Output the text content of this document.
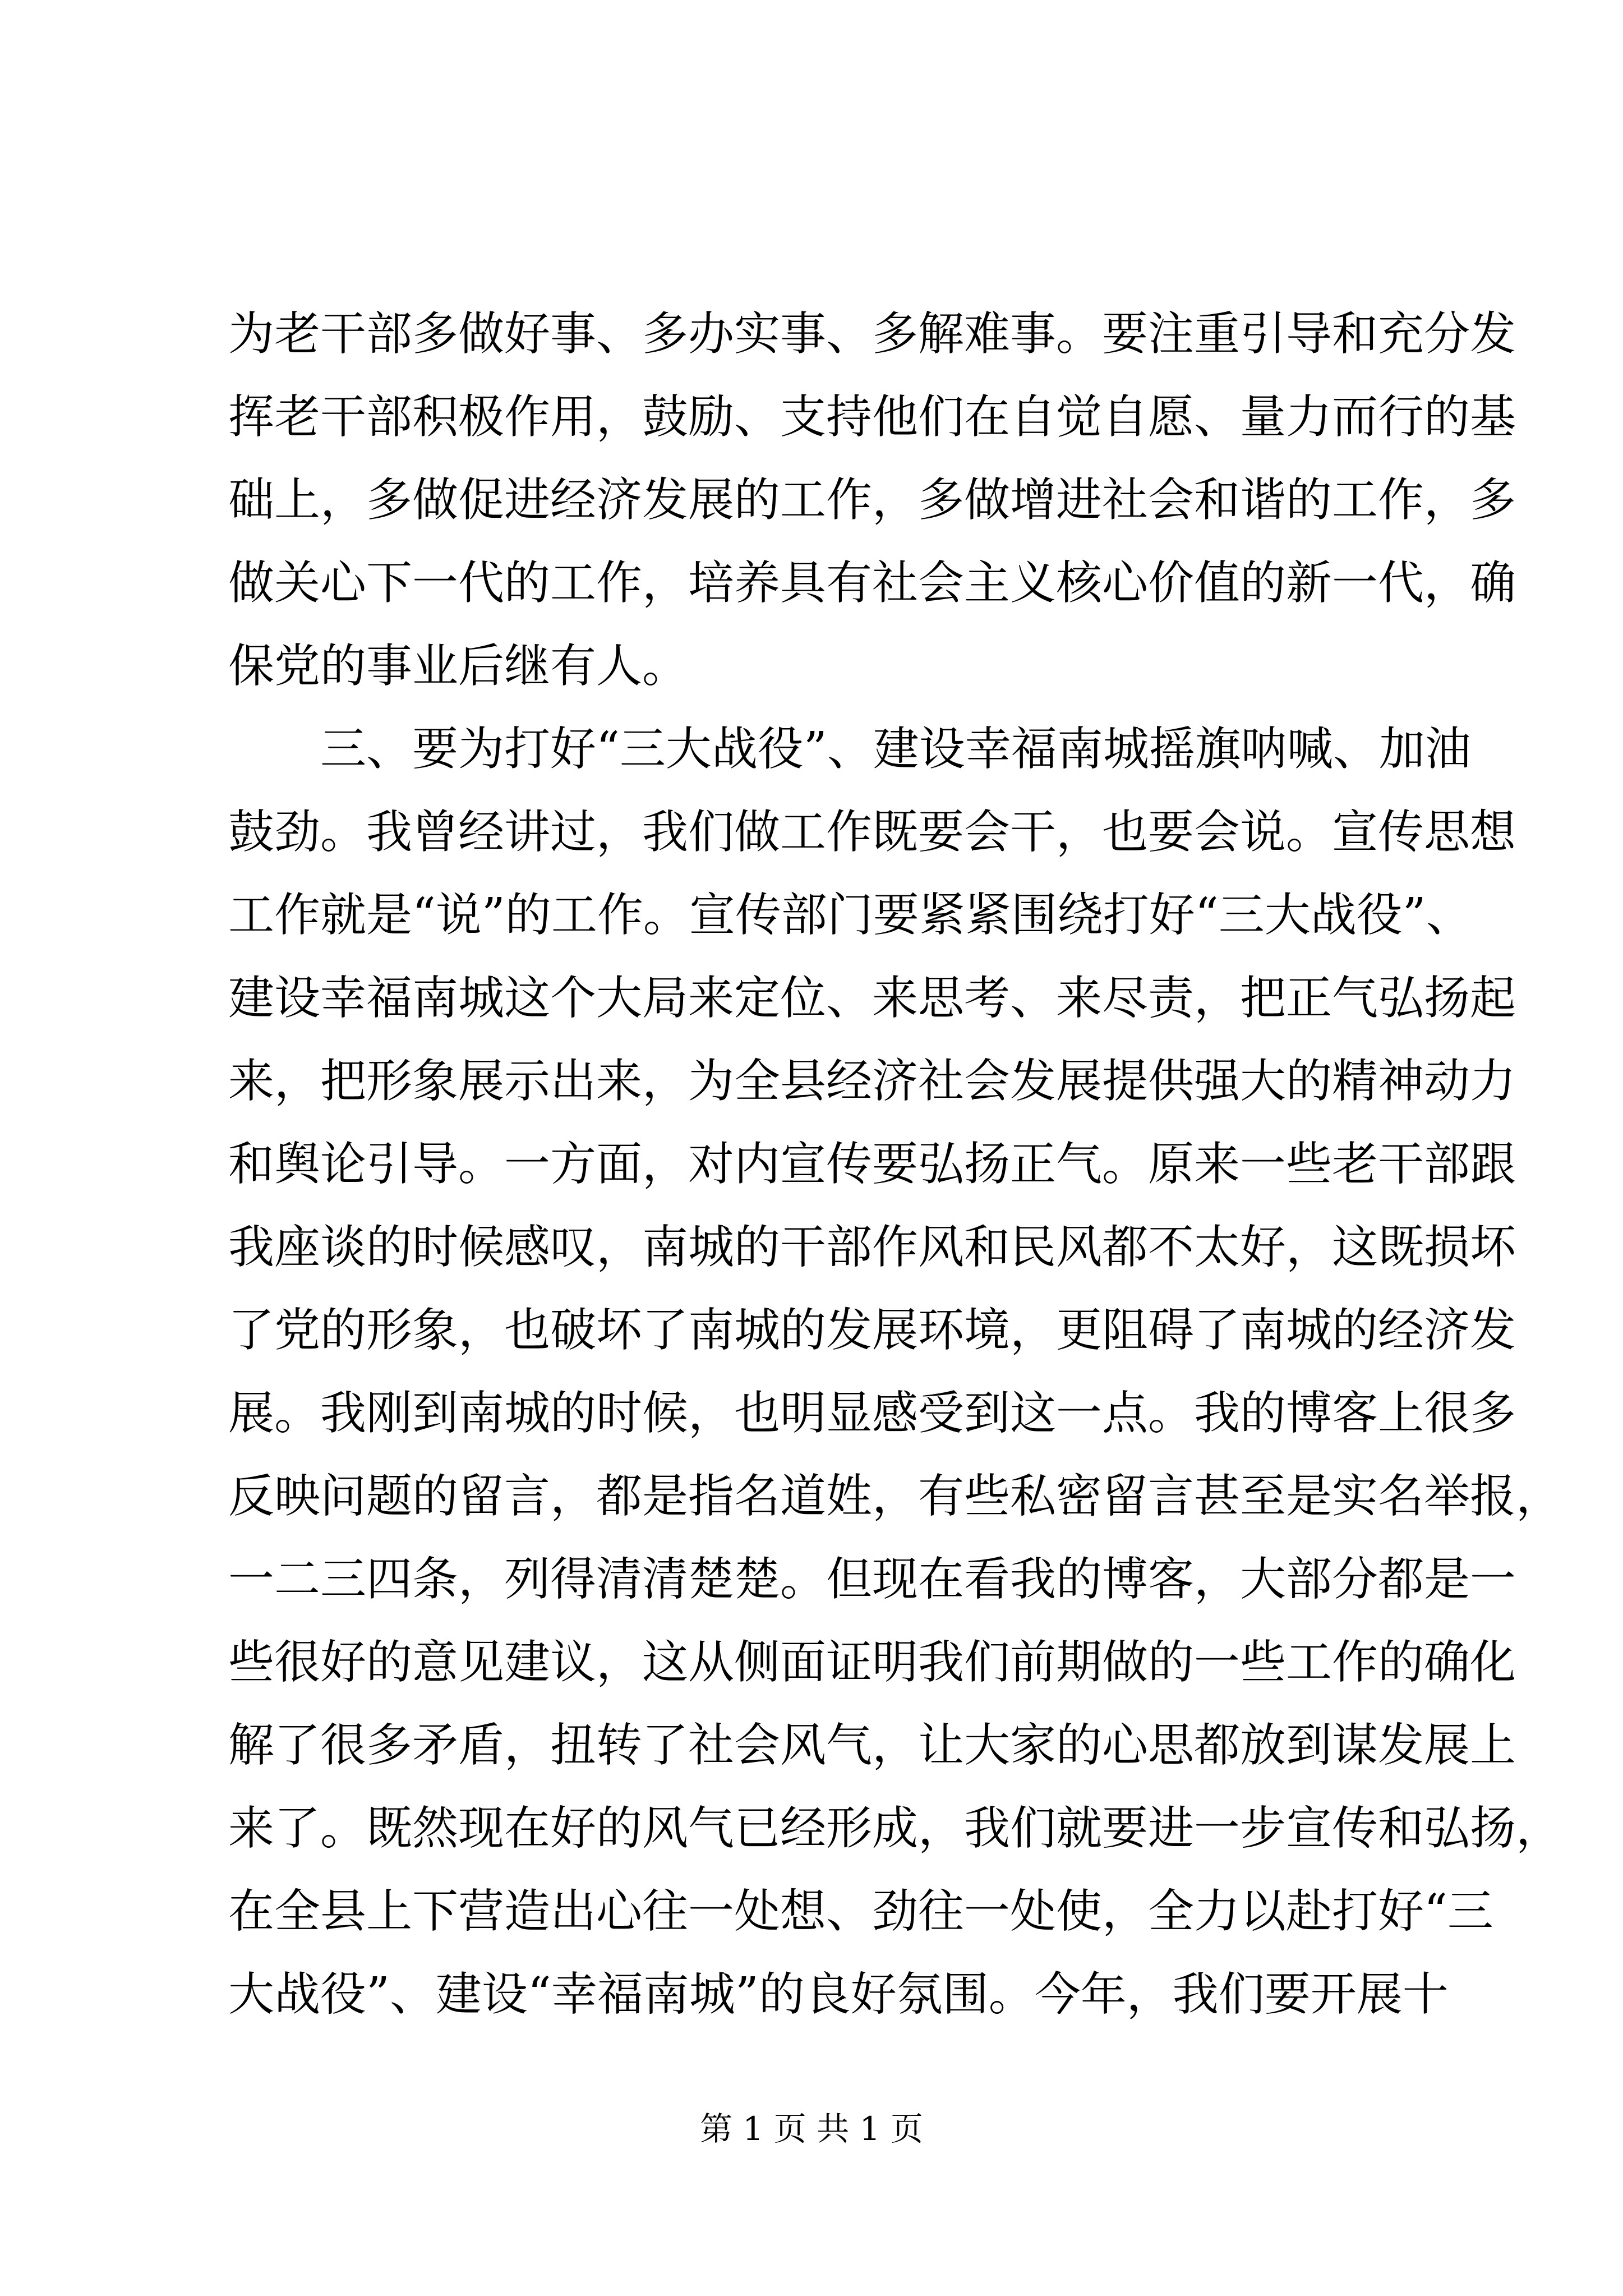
为老干部多做好事、多办实事、多解难事。要注重引导和充分发
挥老干部积极作用，鼓励、支持他们在自觉自愿、量力而行的基
础上，多做促进经济发展的工作，多做增进社会和谐的工作，多
做关心下一代的工作，培养具有社会主义核心价值的新一代，确
保党的事业后继有人。
　　三、要为打好“三大战役”、建设幸福南城摇旗呐喊、加油
鼓劲。我曾经讲过，我们做工作既要会干，也要会说。宣传思想
工作就是“说”的工作。宣传部门要紧紧围绕打好“三大战役”、
建设幸福南城这个大局来定位、来思考、来尽责，把正气弘扬起
来，把形象展示出来，为全县经济社会发展提供强大的精神动力
和舆论引导。一方面，对内宣传要弘扬正气。原来一些老干部跟
我座谈的时候感叹，南城的干部作风和民风都不太好，这既损坏
了党的形象，也破坏了南城的发展环境，更阻碍了南城的经济发
展。我刚到南城的时候，也明显感受到这一点。我的博客上很多
反映问题的留言，都是指名道姓，有些私密留言甚至是实名举报，
一二三四条，列得清清楚楚。但现在看我的博客，大部分都是一
些很好的意见建议，这从侧面证明我们前期做的一些工作的确化
解了很多矛盾，扭转了社会风气，让大家的心思都放到谋发展上
来了。既然现在好的风气已经形成，我们就要进一步宣传和弘扬，
在全县上下营造出心往一处想、劲往一处使，全力以赴打好“三
大战役”、建设“幸福南城”的良好氛围。今年，我们要开展十
第 1 页 共 1 页
